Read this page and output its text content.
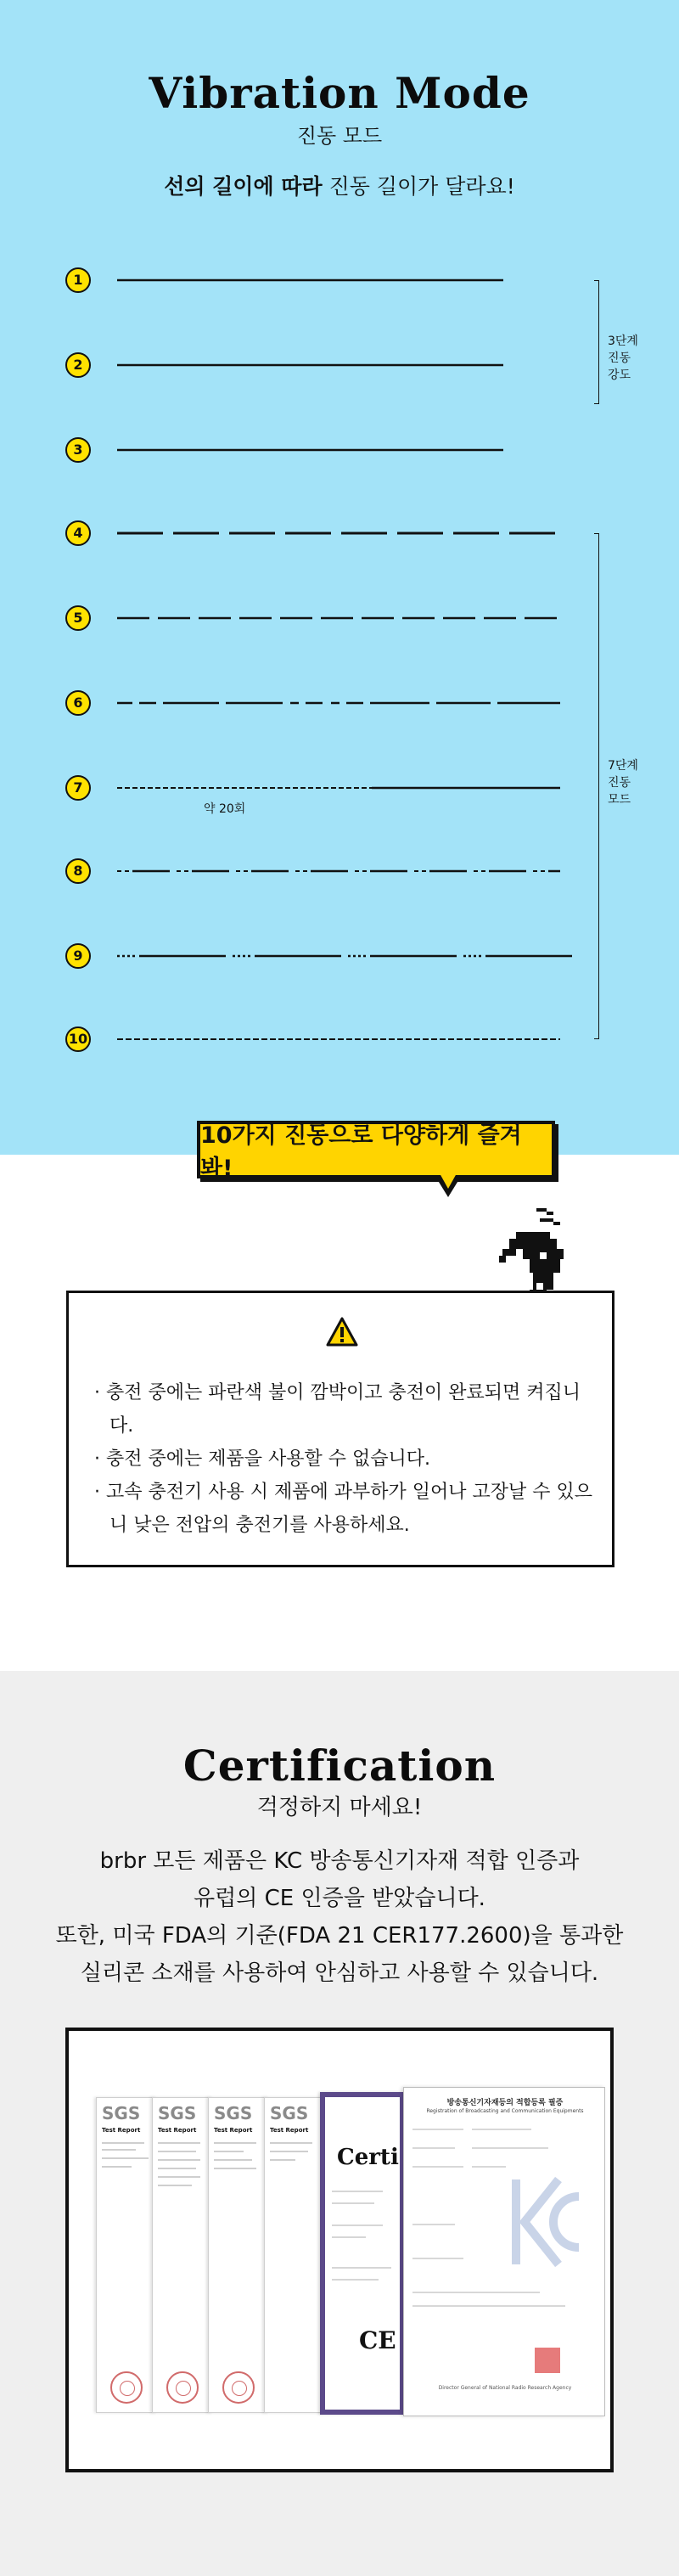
Vibration Mode
진동 모드

선의 길이에 따라 진동 길이가 달라요!

1
2
3
4
5
6
7
8
9
10
약 20회
3단계
진동
강도
7단계
진동
모드
10가지 진동으로 다양하게 즐겨봐!
· 충전 중에는 파란색 불이 깜박이고 충전이 완료되면 켜집니다.
· 충전 중에는 제품을 사용할 수 없습니다.
· 고속 충전기 사용 시 제품에 과부하가 일어나 고장날 수 있으니 낮은 전압의 충전기를 사용하세요.
Certification
걱정하지 마세요!
brbr 모든 제품은 KC 방송통신기자재 적합 인증과
유럽의 CE 인증을 받았습니다.
또한, 미국 FDA의 기준(FDA 21 CER177.2600)을 통과한
실리콘 소재를 사용하여 안심하고 사용할 수 있습니다.
SGS
Test Report
SGS
Test Report
SGS
Test Report
SGS
Test Report
Certi
CE
방송통신기자재등의 적합등록 필증
Registration of Broadcasting and Communication Equipments
Director General of National Radio Research Agency
